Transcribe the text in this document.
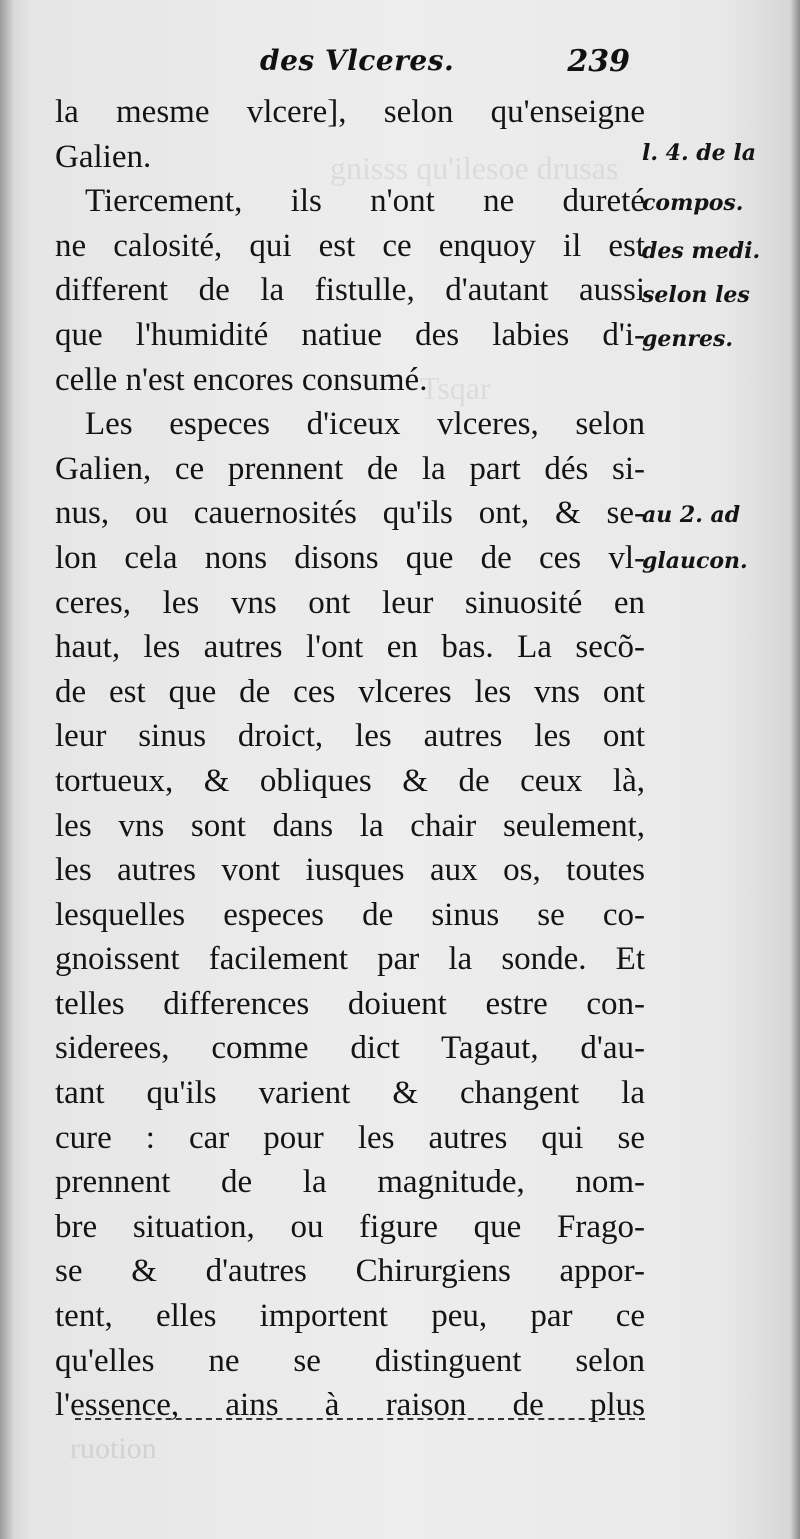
gnisss qu'ilesoe drusas
Tsqar
des Vlceres.	239
la mesme vlcere], selon qu'enseigne
Galien.
Tiercement, ils n'ont ne dureté
ne calosité, qui est ce enquoy il est
different de la fistulle, d'autant aussi
que l'humidité natiue des labies d'i-
celle n'est encores consumé.
Les especes d'iceux vlceres, selon
Galien, ce prennent de la part dés si-
nus, ou cauernosités qu'ils ont, & se-
lon cela nons disons que de ces vl-
ceres, les vns ont leur sinuosité en
haut, les autres l'ont en bas. La secõ-
de est que de ces vlceres les vns ont
leur sinus droict, les autres les ont
tortueux, & obliques & de ceux là,
les vns sont dans la chair seulement,
les autres vont iusques aux os, toutes
lesquelles especes de sinus se co-
gnoissent facilement par la sonde. Et
telles differences doiuent estre con-
siderees, comme dict Tagaut, d'au-
tant qu'ils varient & changent la
cure : car pour les autres qui se
prennent de la magnitude, nom-
bre situation, ou figure que Frago-
se & d'autres Chirurgiens appor-
tent, elles importent peu, par ce
qu'elles ne se distinguent selon
l'essence, ains à raison de plus
l. 4. de la
compos.
des medi.
selon les
genres.
au 2. ad
glaucon.
ruotion
